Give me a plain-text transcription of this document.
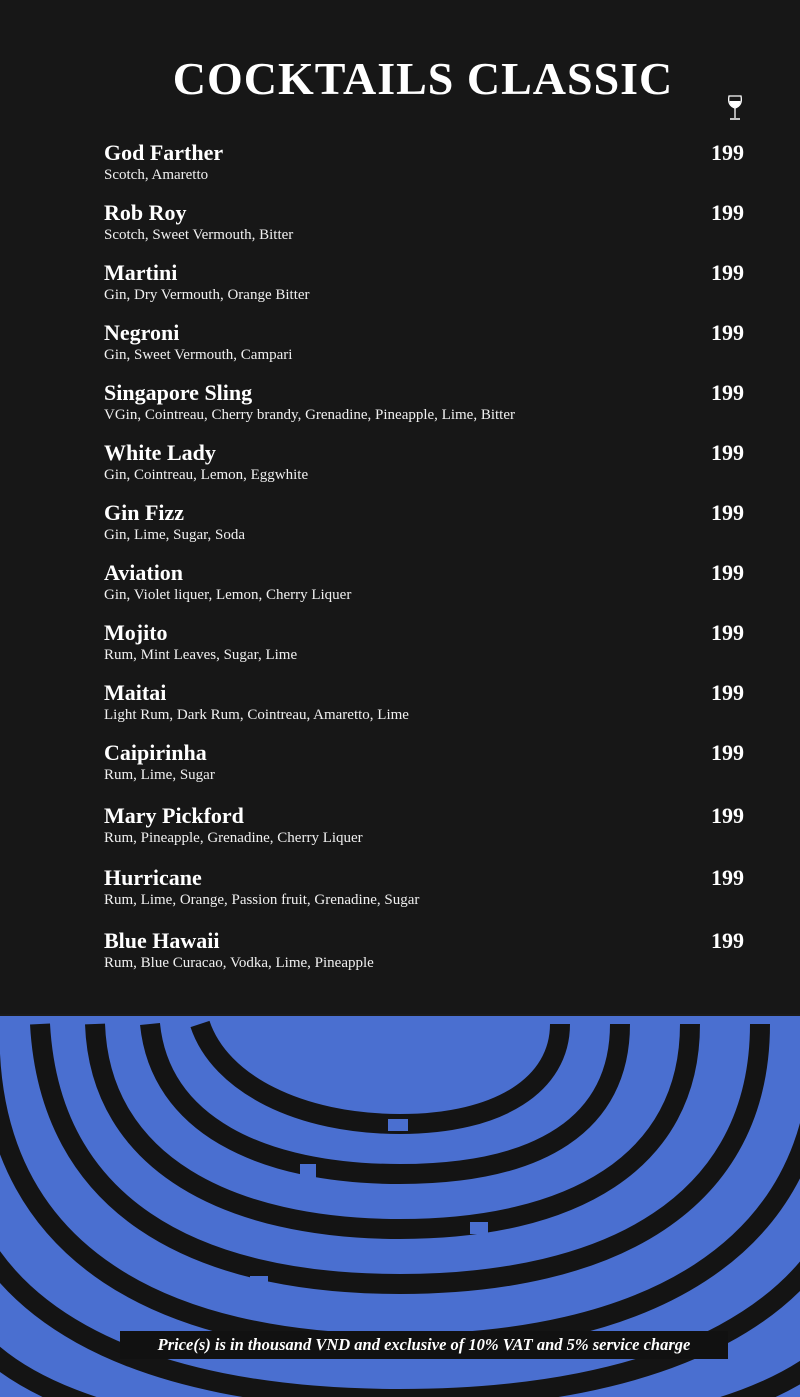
COCKTAILS CLASSIC
God Farther	199
Scotch, Amaretto
Rob Roy	199
Scotch, Sweet Vermouth, Bitter
Martini	199
Gin, Dry Vermouth, Orange Bitter
Negroni	199
Gin, Sweet Vermouth, Campari
Singapore Sling	199
VGin, Cointreau, Cherry brandy, Grenadine, Pineapple, Lime, Bitter
White Lady	199
Gin, Cointreau, Lemon, Eggwhite
Gin Fizz	199
Gin, Lime, Sugar, Soda
Aviation	199
Gin, Violet liquer, Lemon, Cherry Liquer
Mojito	199
Rum, Mint Leaves, Sugar, Lime
Maitai	199
Light Rum, Dark Rum, Cointreau, Amaretto, Lime
Caipirinha	199
Rum, Lime, Sugar
Mary Pickford	199
Rum, Pineapple, Grenadine, Cherry Liquer
Hurricane	199
Rum, Lime, Orange, Passion fruit, Grenadine, Sugar
Blue Hawaii	199
Rum, Blue Curacao, Vodka, Lime, Pineapple
Price(s) is in thousand VND and exclusive of 10% VAT and 5% service charge
